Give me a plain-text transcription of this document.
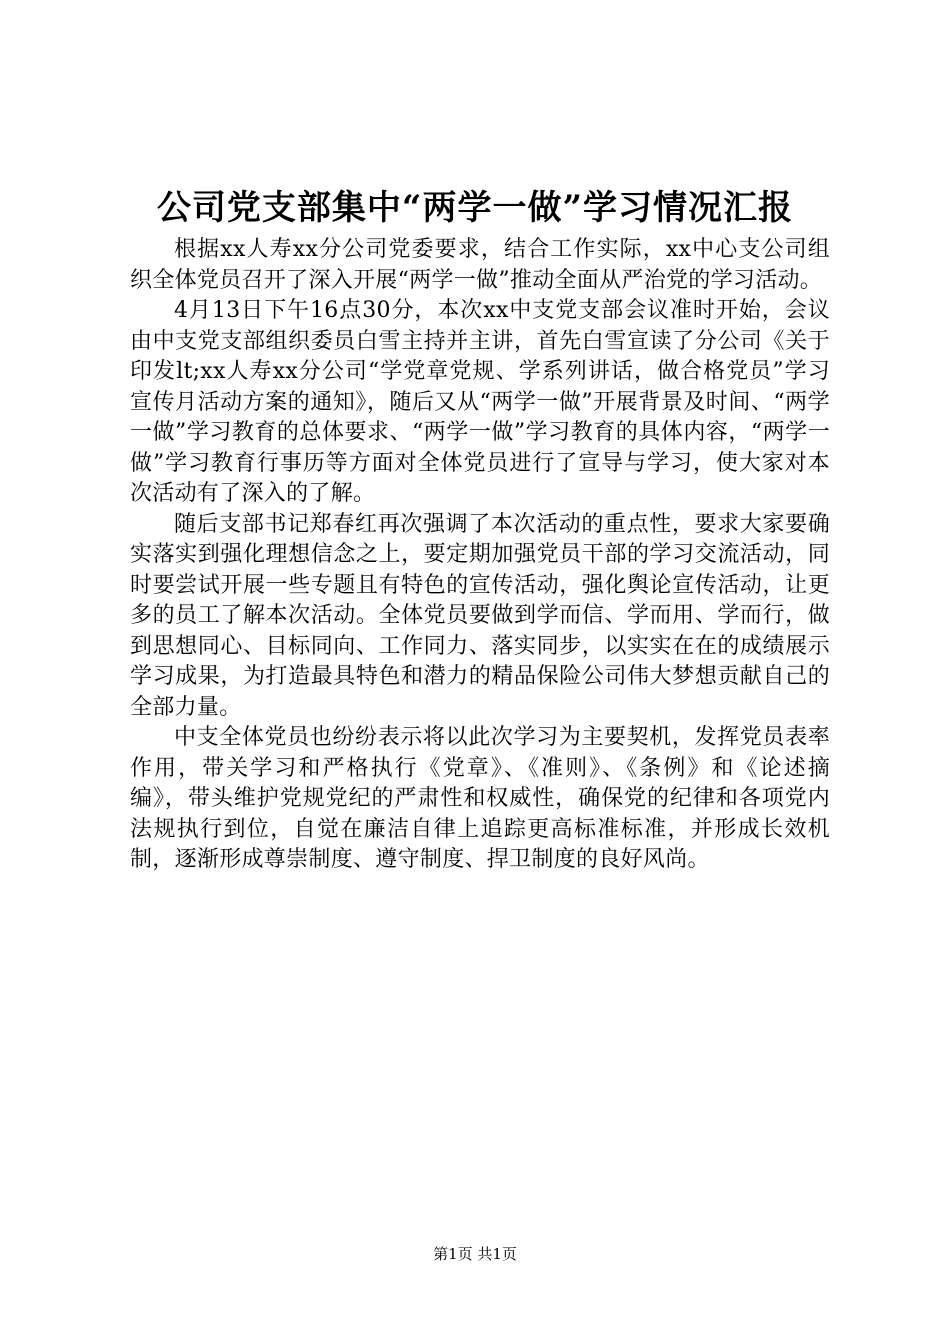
公司党支部集中“两学一做”学习情况汇报

根据xx人寿xx分公司党委要求，结合工作实际，xx中心支公司组织全体党员召开了深入开展“两学一做”推动全面从严治党的学习活动。

4月13日下午16点30分，本次xx中支党支部会议准时开始，会议由中支党支部组织委员白雪主持并主讲，首先白雪宣读了分公司《关于印发lt;xx人寿xx分公司“学党章党规、学系列讲话，做合格党员”学习宣传月活动方案的通知》，随后又从“两学一做”开展背景及时间、“两学一做”学习教育的总体要求、“两学一做”学习教育的具体内容，“两学一做”学习教育行事历等方面对全体党员进行了宣导与学习，使大家对本次活动有了深入的了解。

随后支部书记郑春红再次强调了本次活动的重点性，要求大家要确实落实到强化理想信念之上，要定期加强党员干部的学习交流活动，同时要尝试开展一些专题且有特色的宣传活动，强化舆论宣传活动，让更多的员工了解本次活动。全体党员要做到学而信、学而用、学而行，做到思想同心、目标同向、工作同力、落实同步，以实实在在的成绩展示学习成果，为打造最具特色和潜力的精品保险公司伟大梦想贡献自己的全部力量。

中支全体党员也纷纷表示将以此次学习为主要契机，发挥党员表率作用，带关学习和严格执行《党章》、《准则》、《条例》和《论述摘编》，带头维护党规党纪的严肃性和权威性，确保党的纪律和各项党内法规执行到位，自觉在廉洁自律上追踪更高标准标准，并形成长效机制，逐渐形成尊崇制度、遵守制度、捍卫制度的良好风尚。

第1页 共1页
